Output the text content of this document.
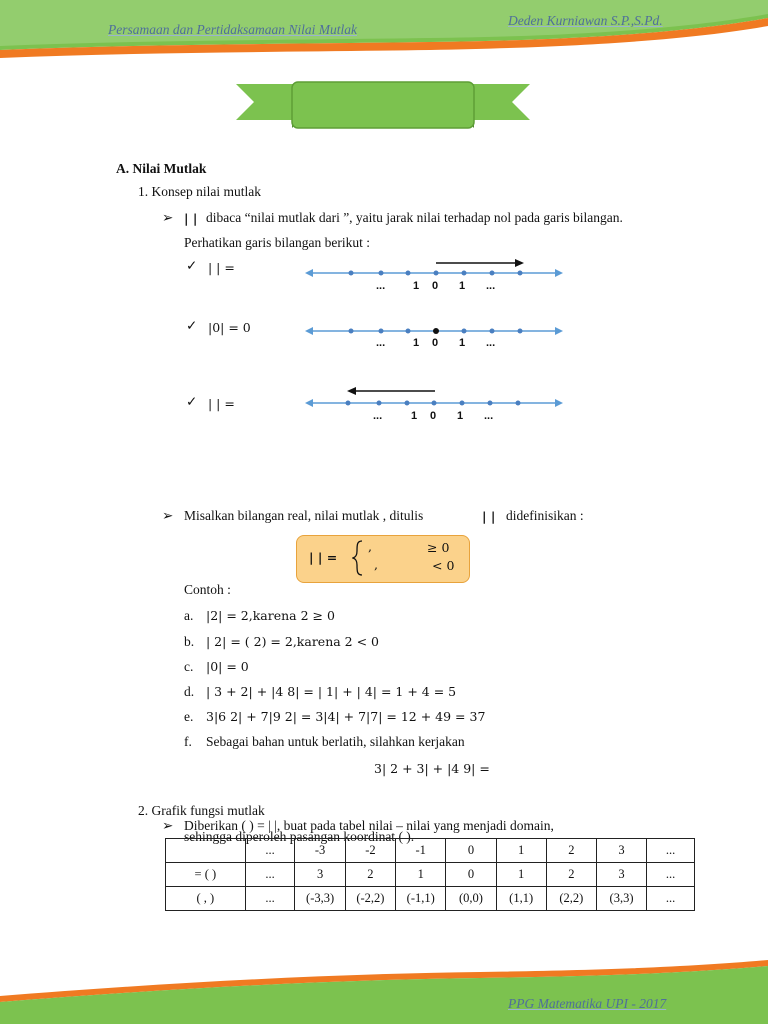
Persamaan dan Pertidaksamaan Nilai Mutlak
Deden Kurniawan S.P.,S.Pd.
A. Nilai Mutlak
1. Konsep nilai mutlak
➢ | | dibaca “nilai mutlak dari ”, yaitu jarak nilai terhadap nol pada garis bilangan.
Perhatikan garis bilangan berikut :
✓ | | =
✓ |0| = 0
✓ | | =
...	1 0 1 ...
...	1 0 1 ...
...	1 0 1 ...
➢ Misalkan bilangan real, nilai mutlak , ditulis	| | didefinisikan :
| | =
,	≥ 0
,	< 0
Contoh :
a. |2| = 2,karena 2 ≥ 0
b. | 2| = ( 2) = 2,karena 2 < 0
c. |0| = 0
d. | 3 + 2| + |4 8| = | 1| + | 4| = 1 + 4 = 5
e. 3|6 2| + 7|9 2| = 3|4| + 7|7| = 12 + 49 = 37
f. Sebagai bahan untuk berlatih, silahkan kerjakan
3| 2 + 3| + |4 9| =
2. Grafik fungsi mutlak
➢ Diberikan ( ) = | |, buat pada tabel nilai – nilai yang menjadi domain,
sehingga diperoleh pasangan koordinat ( ).
	...	-3	-2	-1	0	1	2	3	...
= ( )	...	3	2	1	0	1	2	3	...
( , )	...	(-3,3)	(-2,2)	(-1,1)	(0,0)	(1,1)	(2,2)	(3,3)	...
PPG Matematika UPI - 2017
